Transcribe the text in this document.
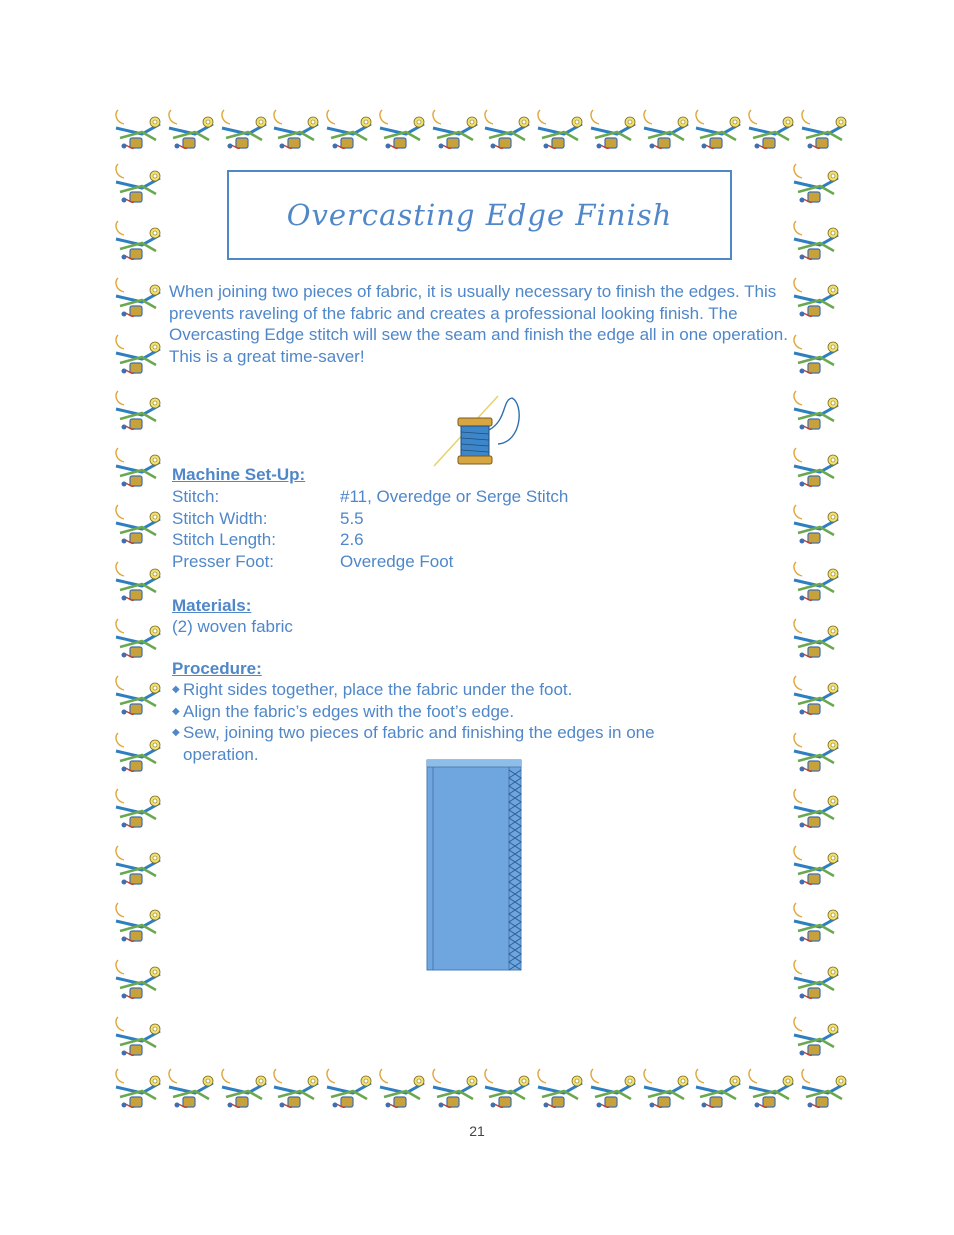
Overcasting Edge Finish

When joining two pieces of fabric, it is usually necessary to finish the edges. This prevents raveling of the fabric and creates a professional looking finish. The Overcasting Edge stitch will sew the seam and finish the edge all in one operation. This is a great time-saver!

Machine Set-Up:

Stitch:	#11, Overedge or Serge Stitch
Stitch Width:	5.5
Stitch Length:	2.6
Presser Foot:	Overedge Foot

Materials:

(2) woven fabric

Procedure:

◆ Right sides together, place the fabric under the foot.
◆ Align the fabric’s edges with the foot’s edge.
◆ Sew, joining two pieces of fabric and finishing the edges in one operation.
21
